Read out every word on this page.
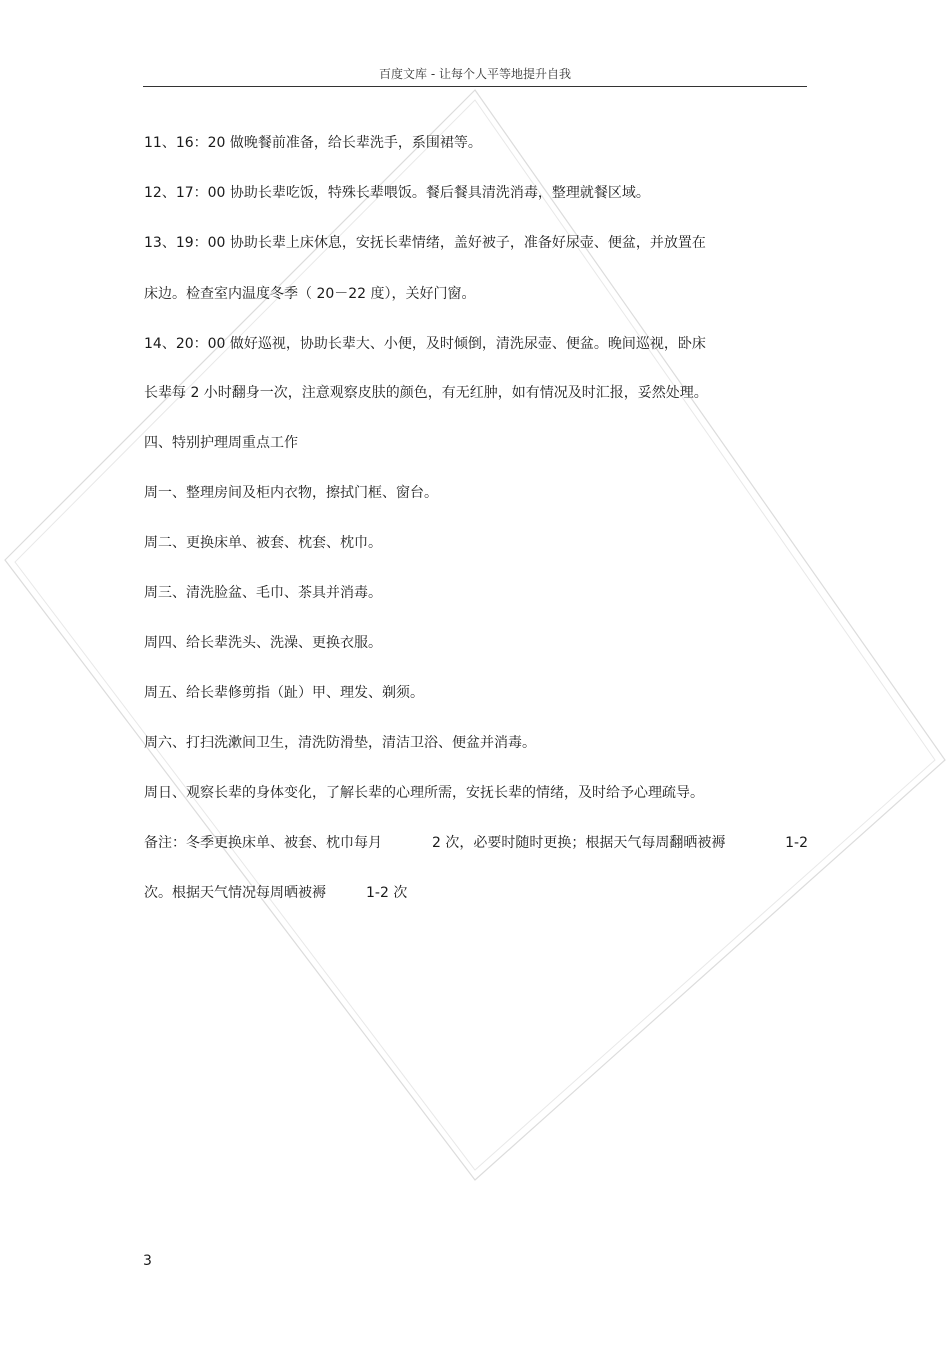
百度文库 - 让每个人平等地提升自我
11、16：20 做晚餐前准备，给长辈洗手，系围裙等。
12、17：00 协助长辈吃饭，特殊长辈喂饭。餐后餐具清洗消毒，整理就餐区域。
13、19：00 协助长辈上床休息，安抚长辈情绪，盖好被子，准备好尿壶、便盆，并放置在
床边。检查室内温度冬季（ 20－22 度），关好门窗。
14、20：00 做好巡视，协助长辈大、小便，及时倾倒，清洗尿壶、便盆。晚间巡视，卧床
长辈每 2 小时翻身一次，注意观察皮肤的颜色，有无红肿，如有情况及时汇报，妥然处理。
四、特别护理周重点工作
周一、整理房间及柜内衣物，擦拭门框、窗台。
周二、更换床单、被套、枕套、枕巾。
周三、清洗脸盆、毛巾、茶具并消毒。
周四、给长辈洗头、洗澡、更换衣服。
周五、给长辈修剪指（趾）甲、理发、剃须。
周六、打扫洗漱间卫生，清洗防滑垫，清洁卫浴、便盆并消毒。
周日、观察长辈的身体变化，了解长辈的心理所需，安抚长辈的情绪，及时给予心理疏导。
备注：冬季更换床单、被套、枕巾每月	2 次，必要时随时更换；根据天气每周翻晒被褥	1-2
次。根据天气情况每周晒被褥	1-2 次
3
